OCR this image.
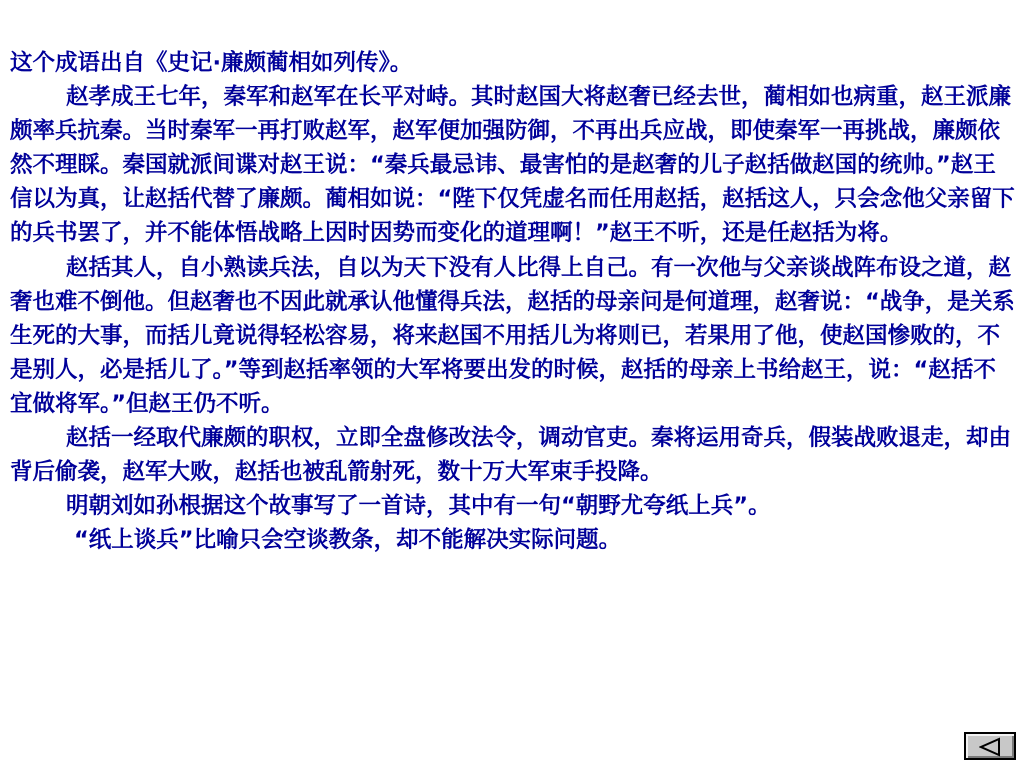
这个成语出自《史记·廉颇蔺相如列传》。

赵孝成王七年，秦军和赵军在长平对峙。其时赵国大将赵奢已经去世，蔺相如也病重，赵王派廉颇率兵抗秦。当时秦军一再打败赵军，赵军便加强防御，不再出兵应战，即使秦军一再挑战，廉颇依然不理睬。秦国就派间谍对赵王说：“秦兵最忌讳、最害怕的是赵奢的儿子赵括做赵国的统帅。”赵王信以为真，让赵括代替了廉颇。蔺相如说：“陛下仅凭虚名而任用赵括，赵括这人，只会念他父亲留下的兵书罢了，并不能体悟战略上因时因势而变化的道理啊！”赵王不听，还是任赵括为将。

赵括其人，自小熟读兵法，自以为天下没有人比得上自己。有一次他与父亲谈战阵布设之道，赵奢也难不倒他。但赵奢也不因此就承认他懂得兵法，赵括的母亲问是何道理，赵奢说：“战争，是关系生死的大事，而括儿竟说得轻松容易，将来赵国不用括儿为将则已，若果用了他，使赵国惨败的，不是别人，必是括儿了。”等到赵括率领的大军将要出发的时候，赵括的母亲上书给赵王，说：“赵括不宜做将军。”但赵王仍不听。

赵括一经取代廉颇的职权，立即全盘修改法令，调动官吏。秦将运用奇兵，假装战败退走，却由背后偷袭，赵军大败，赵括也被乱箭射死，数十万大军束手投降。

明朝刘如孙根据这个故事写了一首诗，其中有一句“朝野尤夸纸上兵”。

“纸上谈兵”比喻只会空谈教条，却不能解决实际问题。
